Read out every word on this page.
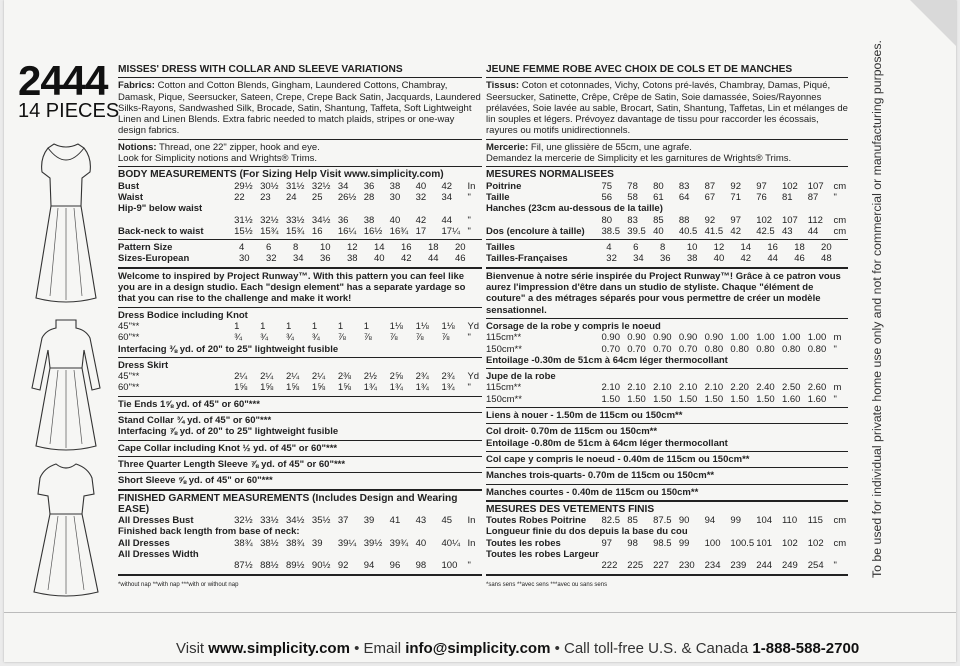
2444
14 PIECES
MISSES' DRESS WITH COLLAR AND SLEEVE VARIATIONS

Fabrics: Cotton and Cotton Blends, Gingham, Laundered Cottons, Chambray, Damask, Pique, Seersucker, Sateen, Crepe, Crepe Back Satin, Jacquards, Laundered Silks-Rayons, Sandwashed Silk, Brocade, Satin, Shantung, Taffeta, Soft Lightweight Linen and Linen Blends. Extra fabric needed to match plaids, stripes or one-way design fabrics.

Notions: Thread, one 22" zipper, hook and eye.

Look for Simplicity notions and Wrights® Trims.

BODY MEASUREMENTS (For Sizing Help Visit www.simplicity.com)
Bust	29½	30½	31½	32½	34	36	38	40	42	In
Waist	22	23	24	25	26½	28	30	32	34	"
Hip-9" below waist										
	31½	32½	33½	34½	36	38	40	42	44	"
Back-neck to waist	15½	15¾	15¾	16	16¼	16½	16¾	17	17¼	"
Pattern Size	4	6	8	10	12	14	16	18	20
Sizes-European	30	32	34	36	38	40	42	44	46

Welcome to inspired by Project Runway™. With this pattern you can feel like you are in a design studio. Each "design element" has a separate yardage so that you can rise to the challenge and make it work!

Dress Bodice including Knot

45"**	1	1	1	1	1	1	1⅛	1⅛	1⅛	Yd
60"**	¾	¾	¾	¾	⅞	⅞	⅞	⅞	⅞	"

Interfacing ⅜ yd. of 20" to 25" lightweight fusible

Dress Skirt

45"**	2¼	2¼	2¼	2¼	2⅜	2½	2⅝	2¾	2¾	Yd
60"**	1⅝	1⅝	1⅝	1⅝	1⅝	1¾	1¾	1¾	1¾	"

Tie Ends 1⅝ yd. of 45" or 60"***

Stand Collar ¾ yd. of 45" or 60"***

Interfacing ⅞ yd. of 20" to 25" lightweight fusible

Cape Collar including Knot ½ yd. of 45" or 60"***

Three Quarter Length Sleeve ⅞ yd. of 45" or 60"***

Short Sleeve ⅝ yd. of 45" or 60"***

FINISHED GARMENT MEASUREMENTS (Includes Design and Wearing EASE)
All Dresses Bust	32½	33½	34½	35½	37	39	41	43	45	In
Finished back length from base of neck:										
All Dresses	38¾	38½	38¾	39	39¼	39½	39¾	40	40¼	In
All Dresses Width										
	87½	88½	89½	90½	92	94	96	98	100	"
*without nap **with nap ***with or without nap
JEUNE FEMME ROBE AVEC CHOIX DE COLS ET DE MANCHES

Tissus: Coton et cotonnades, Vichy, Cotons pré-lavés, Chambray, Damas, Piqué, Seersucker, Satinette, Crêpe, Crêpe de Satin, Soie damassée, Soies/Rayonnes prélavées, Soie lavée au sable, Brocart, Satin, Shantung, Taffetas, Lin et mélanges de lin souples et légers. Prévoyez davantage de tissu pour raccorder les écossais, rayures ou motifs unidirectionnels.

Mercerie: Fil, une glissière de 55cm, une agrafe.

Demandez la mercerie de Simplicity et les garnitures de Wrights® Trims.

MESURES NORMALISEES
Poitrine	75	78	80	83	87	92	97	102	107	cm
Taille	56	58	61	64	67	71	76	81	87	"
Hanches (23cm au-dessous de la taille)										
	80	83	85	88	92	97	102	107	112	cm
Dos (encolure à taille)	38.5	39.5	40	40.5	41.5	42	42.5	43	44	cm
Tailles	4	6	8	10	12	14	16	18	20
Tailles-Françaises	32	34	36	38	40	42	44	46	48

Bienvenue à notre série inspirée du Project Runway™! Grâce à ce patron vous aurez l'impression d'être dans un studio de styliste. Chaque "élément de couture" a des métrages séparés pour vous permettre de créer un modèle sensationnel.

Corsage de la robe y compris le noeud

115cm**	0.90	0.90	0.90	0.90	0.90	1.00	1.00	1.00	1.00	m
150cm**	0.70	0.70	0.70	0.70	0.80	0.80	0.80	0.80	0.80	"

Entoilage -0.30m de 51cm à 64cm léger thermocollant

Jupe de la robe

115cm**	2.10	2.10	2.10	2.10	2.10	2.20	2.40	2.50	2.60	m
150cm**	1.50	1.50	1.50	1.50	1.50	1.50	1.50	1.60	1.60	"

Liens à nouer - 1.50m de 115cm ou 150cm**

Col droit- 0.70m de 115cm ou 150cm**

Entoilage -0.80m de 51cm à 64cm léger thermocollant

Col cape y compris le noeud - 0.40m de 115cm ou 150cm**

Manches trois-quarts- 0.70m de 115cm ou 150cm**

Manches courtes - 0.40m de 115cm ou 150cm**

MESURES DES VETEMENTS FINIS
Toutes Robes Poitrine	82.5	85	87.5	90	94	99	104	110	115	cm
Longueur finie du dos depuis la base du cou										
Toutes les robes	97	98	98.5	99	100	100.5	101	102	102	cm
Toutes les robes Largeur										
	222	225	227	230	234	239	244	249	254	"
*sans sens **avec sens ***avec ou sans sens
To be used for individual private home use only and not for commercial or manufacturing purposes.
Visit www.simplicity.com • Email info@simplicity.com • Call toll-free U.S. & Canada 1-888-588-2700
